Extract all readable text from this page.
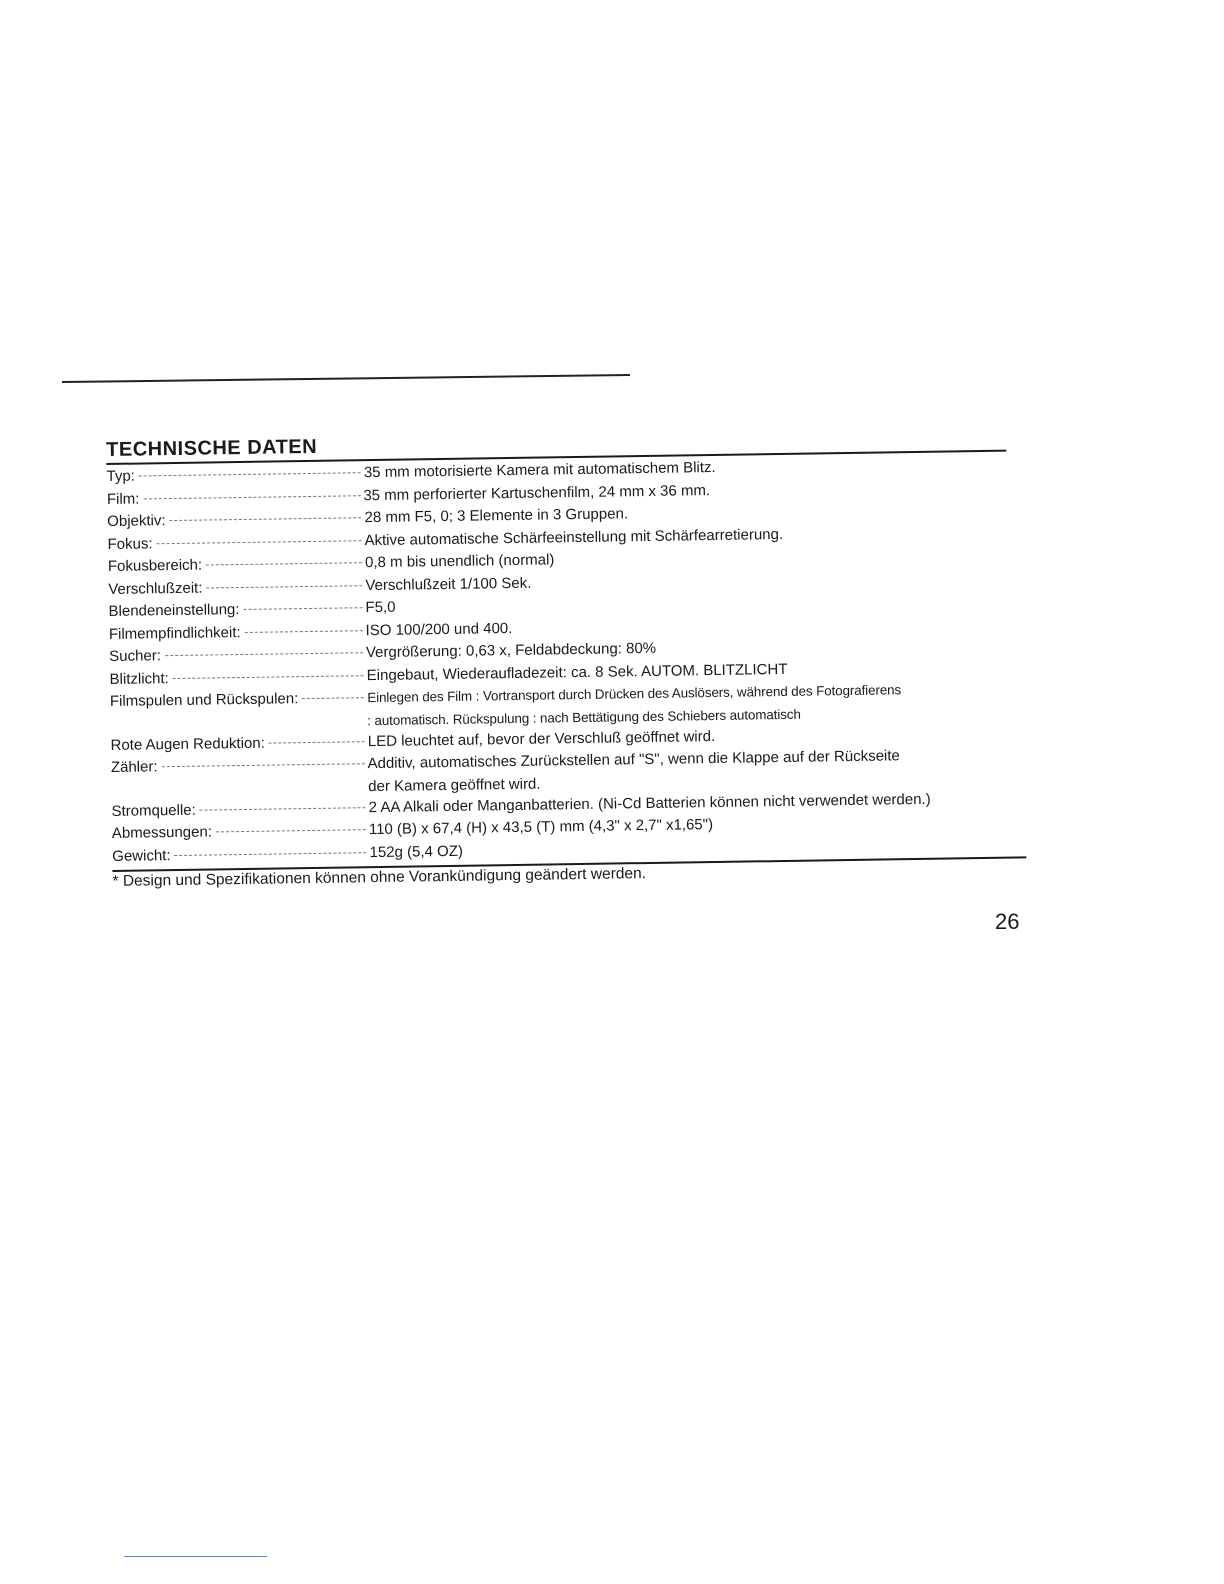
TECHNISCHE DATEN
Typ:	35 mm motorisierte Kamera mit automatischem Blitz.
Film:	35 mm perforierter Kartuschenfilm, 24 mm x 36 mm.
Objektiv:	28 mm F5, 0; 3 Elemente in 3 Gruppen.
Fokus:	Aktive automatische Schärfeeinstellung mit Schärfearretierung.
Fokusbereich:	0,8 m bis unendlich (normal)
Verschlußzeit:	Verschlußzeit 1/100 Sek.
Blendeneinstellung:	F5,0
Filmempfindlichkeit:	ISO 100/200 und 400.
Sucher:	Vergrößerung: 0,63 x, Feldabdeckung: 80%
Blitzlicht:	Eingebaut, Wiederaufladezeit: ca. 8 Sek. AUTOM. BLITZLICHT
Filmspulen und Rückspulen:	Einlegen des Film : Vortransport durch Drücken des Auslösers, während des Fotografierens
: automatisch. Rückspulung : nach Bettätigung des Schiebers automatisch
Rote Augen Reduktion:	LED leuchtet auf, bevor der Verschluß geöffnet wird.
Zähler:	Additiv, automatisches Zurückstellen auf "S", wenn die Klappe auf der Rückseite
der Kamera geöffnet wird.
Stromquelle:	2 AA Alkali oder Manganbatterien. (Ni-Cd Batterien können nicht verwendet werden.)
Abmessungen:	110 (B) x 67,4 (H) x 43,5 (T) mm (4,3" x 2,7" x1,65")
Gewicht:	152g (5,4 OZ)
* Design und Spezifikationen können ohne Vorankündigung geändert werden.
26
